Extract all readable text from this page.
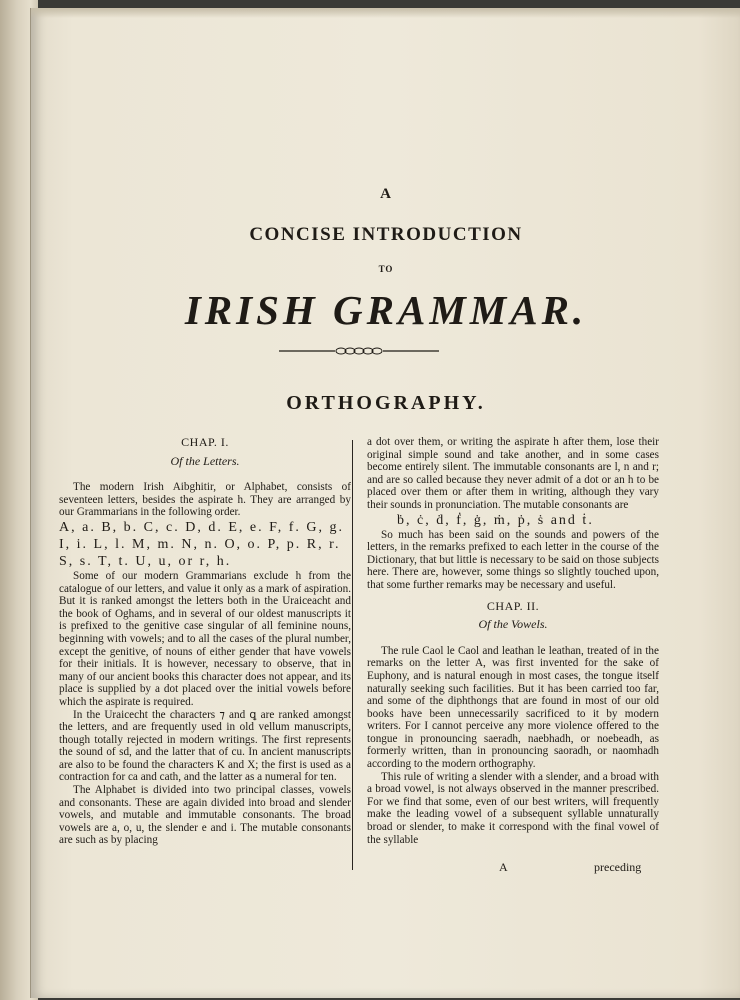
A
CONCISE INTRODUCTION
TO
IRISH GRAMMAR.
ORTHOGRAPHY.
CHAP. I.
Of the Letters.

The modern Irish Aibghitir, or Alphabet, consists of seventeen letters, besides the aspirate h. They are arranged by our Grammarians in the following order.

A, a. B, b. C, c. D, d. E, e. F, f. G, g. I, i. L, l. M, m. N, n. O, o. P, p. R, r. S, s. T, t. U, u, or r, h.

Some of our modern Grammarians exclude h from the catalogue of our letters, and value it only as a mark of aspiration. But it is ranked amongst the letters both in the Uraiceacht and the book of Oghams, and in several of our oldest manuscripts it is prefixed to the genitive case singular of all feminine nouns, beginning with vowels; and to all the cases of the plural number, except the genitive, of nouns of either gender that have vowels for their initials. It is however, necessary to observe, that in many of our ancient books this character does not appear, and its place is supplied by a dot placed over the initial vowels before which the aspirate is required.

In the Uraicecht the characters ⁊ and ꝗ are ranked amongst the letters, and are frequently used in old vellum manuscripts, though totally rejected in modern writings. The first represents the sound of sd, and the latter that of cu. In ancient manuscripts are also to be found the characters K and X; the first is used as a contraction for ca and cath, and the latter as a numeral for ten.

The Alphabet is divided into two principal classes, vowels and consonants. These are again divided into broad and slender vowels, and mutable and immutable consonants. The broad vowels are a, o, u, the slender e and i. The mutable consonants are such as by placing

a dot over them, or writing the aspirate h after them, lose their original simple sound and take another, and in some cases become entirely silent. The immutable consonants are l, n and r; and are so called because they never admit of a dot or an h to be placed over them or after them in writing, although they vary their sounds in pronunciation. The mutable consonants are

ḃ, ċ, ḋ, ḟ, ġ, ṁ, ṗ, ṡ and ṫ.

So much has been said on the sounds and powers of the letters, in the remarks prefixed to each letter in the course of the Dictionary, that but little is necessary to be said on those subjects here. There are, however, some things so slightly touched upon, that some further remarks may be necessary and useful.

CHAP. II.
Of the Vowels.

The rule Caol le Caol and leathan le leathan, treated of in the remarks on the letter A, was first invented for the sake of Euphony, and is natural enough in most cases, the tongue itself naturally seeking such facilities. But it has been carried too far, and some of the diphthongs that are found in most of our old books have been unnecessarily sacrificed to it by modern writers. For I cannot perceive any more violence offered to the tongue in pronouncing saeradh, naebhadh, or noebeadh, as formerly written, than in pronouncing saoradh, or naomhadh according to the modern orthography.

This rule of writing a slender with a slender, and a broad with a broad vowel, is not always observed in the manner prescribed. For we find that some, even of our best writers, will frequently make the leading vowel of a subsequent syllable unnaturally broad or slender, to make it correspond with the final vowel of the syllable

A	preceding
